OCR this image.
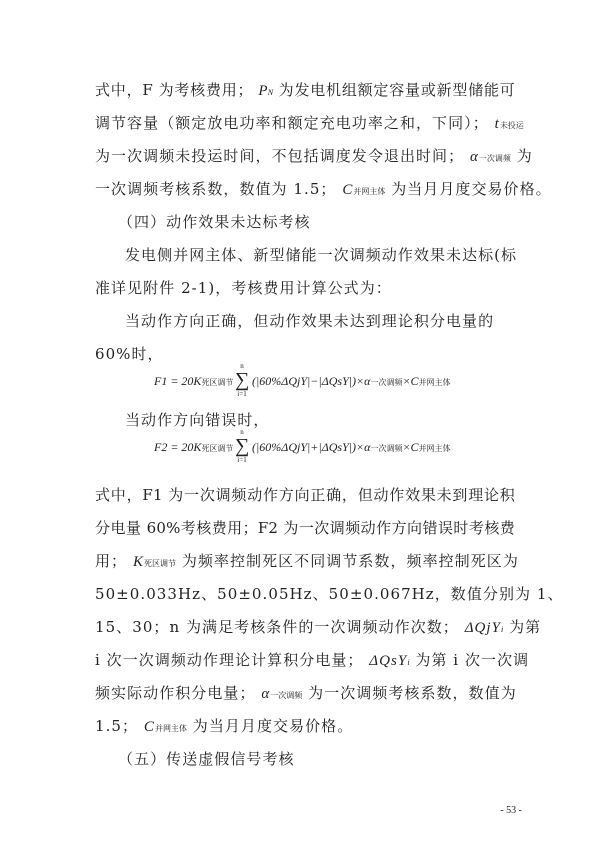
式中，F 为考核费用； PN 为发电机组额定容量或新型储能可
调节容量（额定放电功率和额定充电功率之和，下同）； t未投运
为一次调频未投运时间，不包括调度发令退出时间； α一次调频 为
一次调频考核系数，数值为 1.5； C并网主体 为当月月度交易价格。
（四）动作效果未达标考核
发电侧并网主体、新型储能一次调频动作效果未达标(标
准详见附件 2-1)，考核费用计算公式为：
当动作方向正确，但动作效果未达到理论积分电量的
60%时，
F1 = 20K死区调节
n
∑
i=1
(|60%ΔQjY|−|ΔQsY|)×α一次调频×C并网主体
当动作方向错误时，
F2 = 20K死区调节
n
∑
i=1
(|60%ΔQjY|+|ΔQsY|)×α一次调频×C并网主体
式中，F1 为一次调频动作方向正确，但动作效果未到理论积
分电量 60%考核费用；F2 为一次调频动作方向错误时考核费
用； K死区调节 为频率控制死区不同调节系数，频率控制死区为
50±0.033Hz、50±0.05Hz、50±0.067Hz，数值分别为 1、
15、30；n 为满足考核条件的一次调频动作次数； ΔQjYi 为第
i 次一次调频动作理论计算积分电量； ΔQsYi 为第 i 次一次调
频实际动作积分电量； α一次调频 为一次调频考核系数，数值为
1.5； C并网主体 为当月月度交易价格。
（五）传送虚假信号考核
- 53 -
